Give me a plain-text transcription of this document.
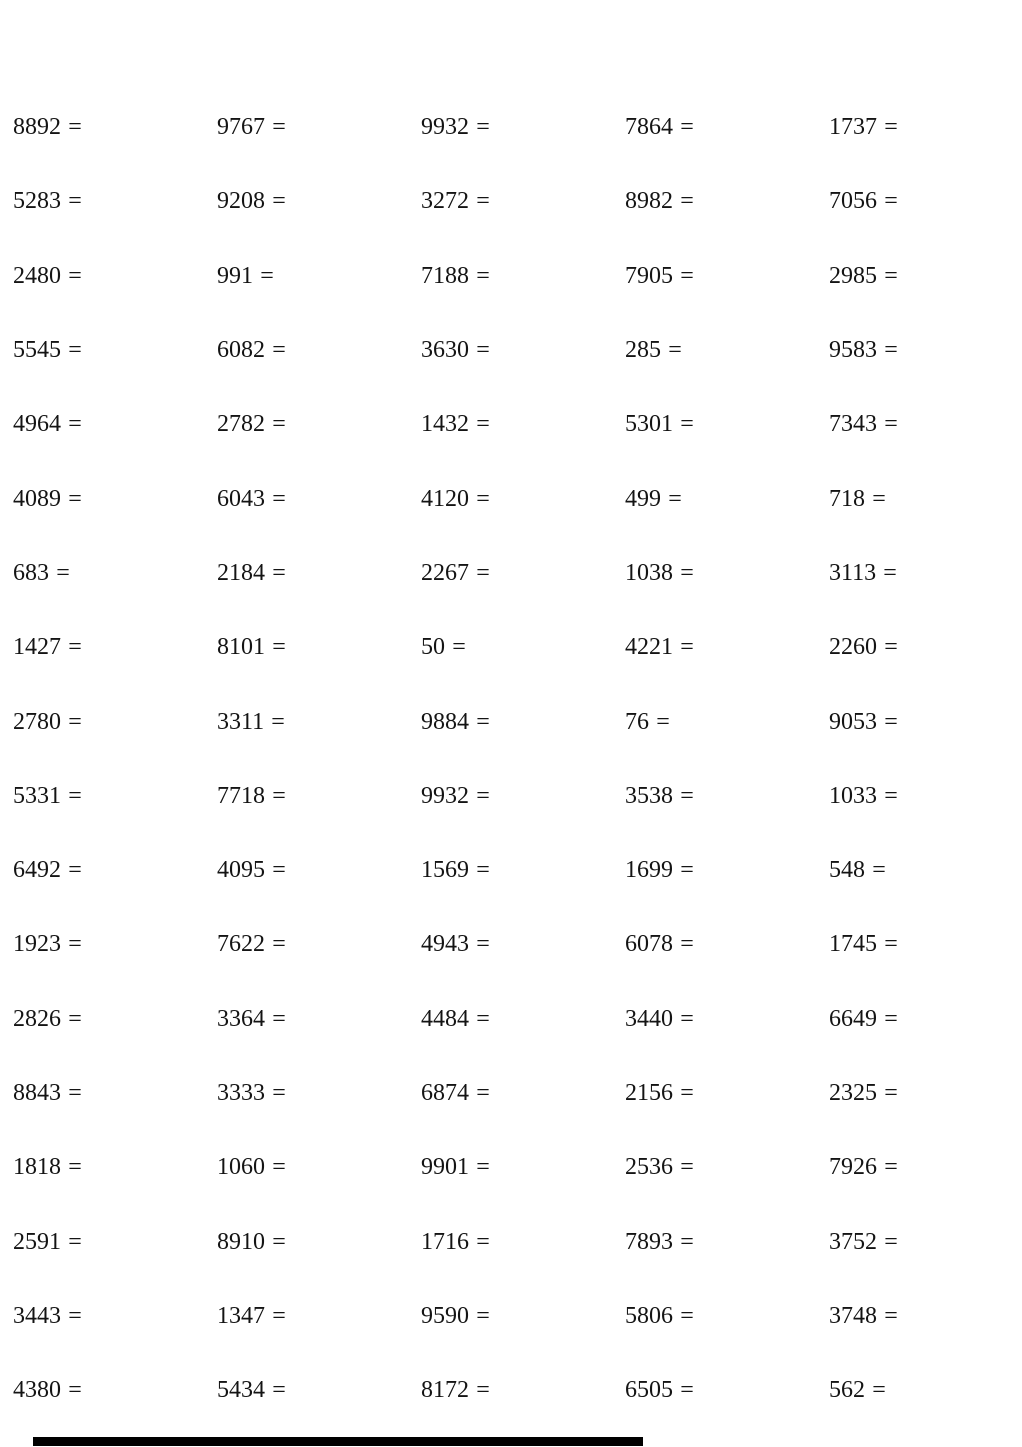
8892 =	9767 =	9932 =	7864 =	1737 =
5283 =	9208 =	3272 =	8982 =	7056 =
2480 =	991 =	7188 =	7905 =	2985 =
5545 =	6082 =	3630 =	285 =	9583 =
4964 =	2782 =	1432 =	5301 =	7343 =
4089 =	6043 =	4120 =	499 =	718 =
683 =	2184 =	2267 =	1038 =	3113 =
1427 =	8101 =	50 =	4221 =	2260 =
2780 =	3311 =	9884 =	76 =	9053 =
5331 =	7718 =	9932 =	3538 =	1033 =
6492 =	4095 =	1569 =	1699 =	548 =
1923 =	7622 =	4943 =	6078 =	1745 =
2826 =	3364 =	4484 =	3440 =	6649 =
8843 =	3333 =	6874 =	2156 =	2325 =
1818 =	1060 =	9901 =	2536 =	7926 =
2591 =	8910 =	1716 =	7893 =	3752 =
3443 =	1347 =	9590 =	5806 =	3748 =
4380 =	5434 =	8172 =	6505 =	562 =
